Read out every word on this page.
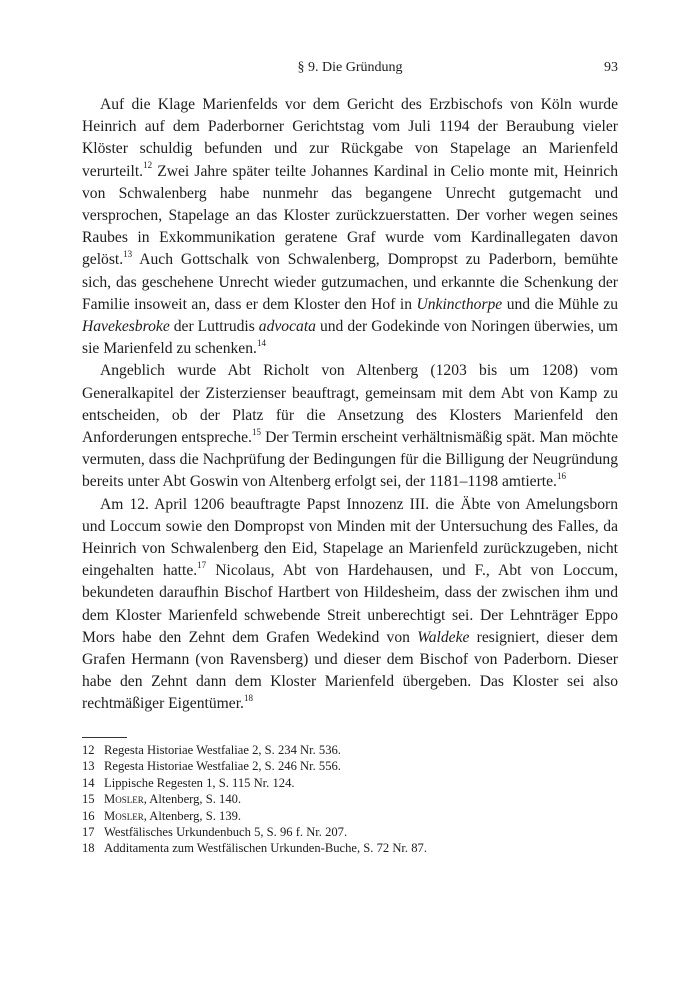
§ 9. Die Gründung	93

Auf die Klage Marienfelds vor dem Gericht des Erzbischofs von Köln wurde Heinrich auf dem Paderborner Gerichtstag vom Juli 1194 der Beraubung vieler Klöster schuldig befunden und zur Rückgabe von Stapelage an Marienfeld verurteilt.$^{12}$ Zwei Jahre später teilte Johannes Kardinal in Celio monte mit, Heinrich von Schwalenberg habe nunmehr das begangene Unrecht gutgemacht und versprochen, Stapelage an das Kloster zurückzuerstatten. Der vorher wegen seines Raubes in Exkommunikation geratene Graf wurde vom Kardinallegaten davon gelöst.$^{13}$ Auch Gottschalk von Schwalenberg, Dompropst zu Paderborn, bemühte sich, das geschehene Unrecht wieder gutzumachen, und erkannte die Schenkung der Familie insoweit an, dass er dem Kloster den Hof in Unkincthorpe und die Mühle zu Havekesbroke der Luttrudis advocata und der Godekinde von Noringen überwies, um sie Marienfeld zu schenken.$^{14}$

Angeblich wurde Abt Richolt von Altenberg (1203 bis um 1208) vom Generalkapitel der Zisterzienser beauftragt, gemeinsam mit dem Abt von Kamp zu entscheiden, ob der Platz für die Ansetzung des Klosters Marienfeld den Anforderungen entspreche.$^{15}$ Der Termin erscheint verhältnismäßig spät. Man möchte vermuten, dass die Nachprüfung der Bedingungen für die Billigung der Neugründung bereits unter Abt Goswin von Altenberg erfolgt sei, der 1181–1198 amtierte.$^{16}$

Am 12. April 1206 beauftragte Papst Innozenz III. die Äbte von Amelungsborn und Loccum sowie den Dompropst von Minden mit der Untersuchung des Falles, da Heinrich von Schwalenberg den Eid, Stapelage an Marienfeld zurückzugeben, nicht eingehalten hatte.$^{17}$ Nicolaus, Abt von Hardehausen, und F., Abt von Loccum, bekundeten daraufhin Bischof Hartbert von Hildesheim, dass der zwischen ihm und dem Kloster Marienfeld schwebende Streit unberechtigt sei. Der Lehnträger Eppo Mors habe den Zehnt dem Grafen Wedekind von Waldeke resigniert, dieser dem Grafen Hermann (von Ravensberg) und dieser dem Bischof von Paderborn. Dieser habe den Zehnt dann dem Kloster Marienfeld übergeben. Das Kloster sei also rechtmäßiger Eigentümer.$^{18}$

12 Regesta Historiae Westfaliae 2, S. 234 Nr. 536.
13 Regesta Historiae Westfaliae 2, S. 246 Nr. 556.
14 Lippische Regesten 1, S. 115 Nr. 124.
15 Mosler, Altenberg, S. 140.
16 Mosler, Altenberg, S. 139.
17 Westfälisches Urkundenbuch 5, S. 96 f. Nr. 207.
18 Additamenta zum Westfälischen Urkunden-Buche, S. 72 Nr. 87.
